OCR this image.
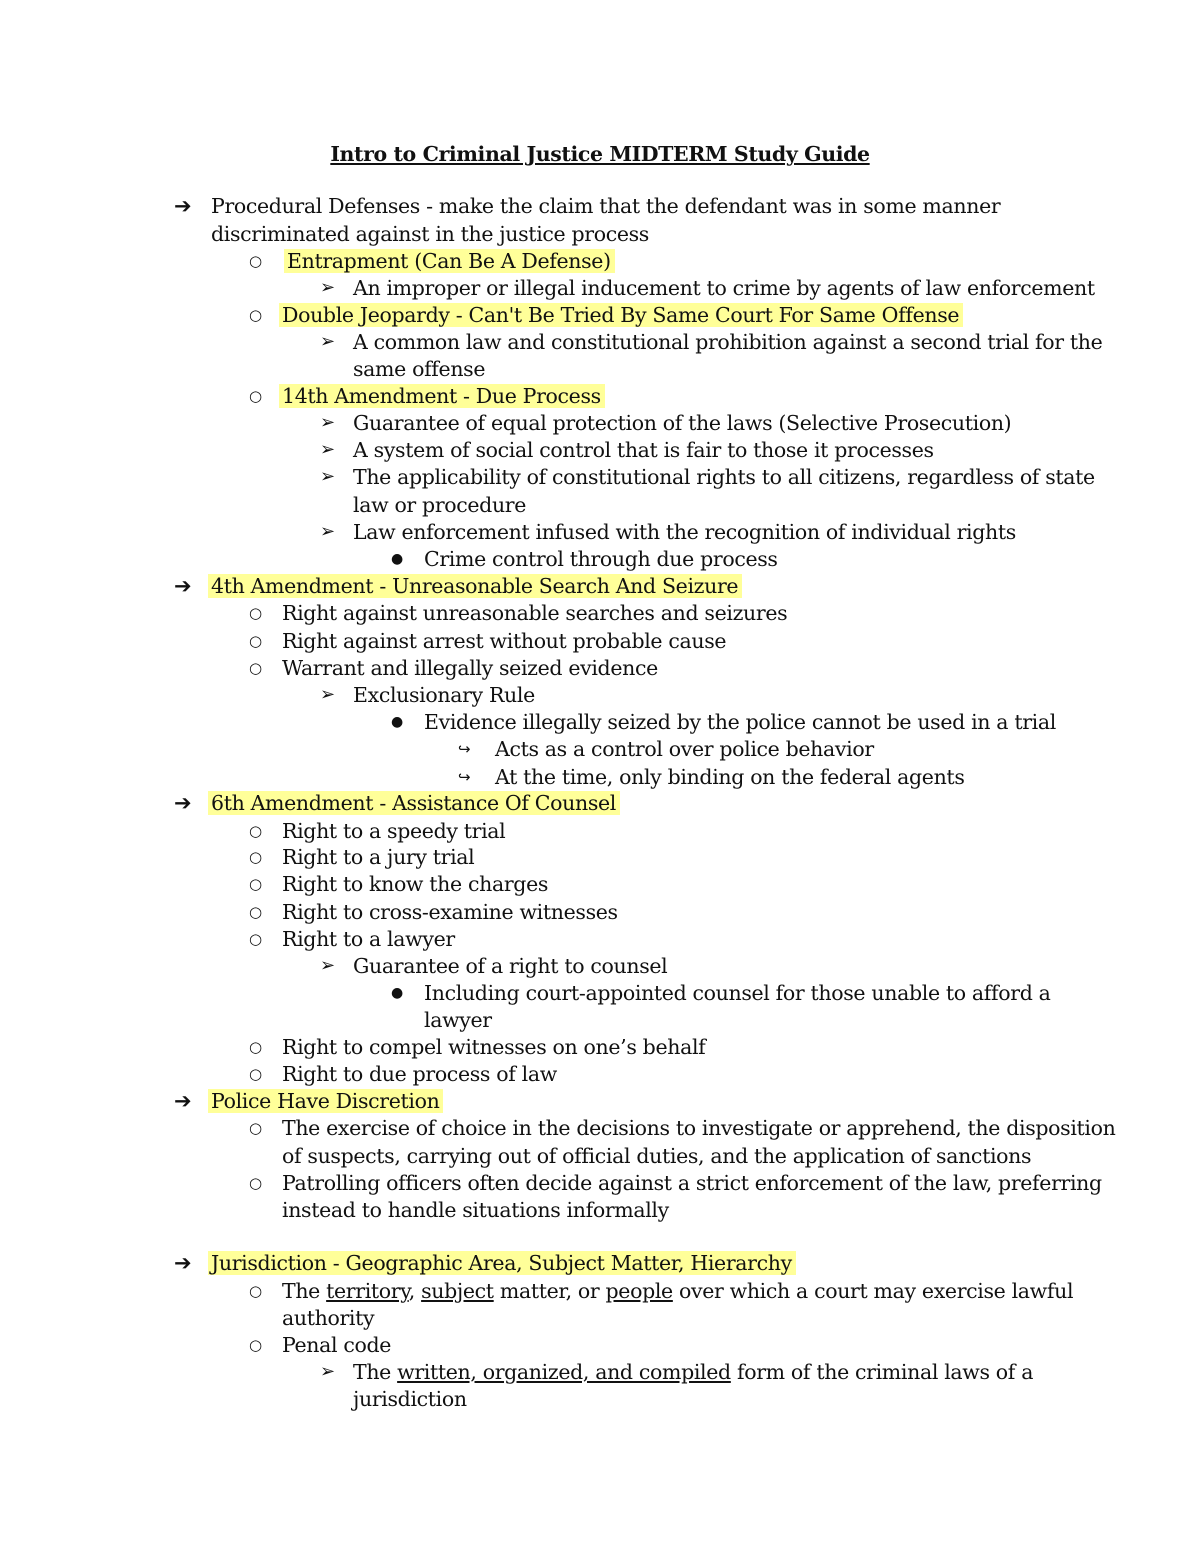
Intro to Criminal Justice MIDTERM Study Guide
➔ Procedural Defenses - make the claim that the defendant was in some manner
discriminated against in the justice process
○ Entrapment (Can Be A Defense)
➢ An improper or illegal inducement to crime by agents of law enforcement
○ Double Jeopardy - Can't Be Tried By Same Court For Same Offense
➢ A common law and constitutional prohibition against a second trial for the
same offense
○ 14th Amendment - Due Process
➢ Guarantee of equal protection of the laws (Selective Prosecution)
➢ A system of social control that is fair to those it processes
➢ The applicability of constitutional rights to all citizens, regardless of state
law or procedure
➢ Law enforcement infused with the recognition of individual rights
● Crime control through due process
➔ 4th Amendment - Unreasonable Search And Seizure
○ Right against unreasonable searches and seizures
○ Right against arrest without probable cause
○ Warrant and illegally seized evidence
➢ Exclusionary Rule
● Evidence illegally seized by the police cannot be used in a trial
↪ Acts as a control over police behavior
↪ At the time, only binding on the federal agents
➔ 6th Amendment - Assistance Of Counsel
○ Right to a speedy trial
○ Right to a jury trial
○ Right to know the charges
○ Right to cross-examine witnesses
○ Right to a lawyer
➢ Guarantee of a right to counsel
● Including court-appointed counsel for those unable to afford a
lawyer
○ Right to compel witnesses on one’s behalf
○ Right to due process of law
➔ Police Have Discretion
○ The exercise of choice in the decisions to investigate or apprehend, the disposition
of suspects, carrying out of official duties, and the application of sanctions
○ Patrolling officers often decide against a strict enforcement of the law, preferring
instead to handle situations informally
➔ Jurisdiction - Geographic Area, Subject Matter, Hierarchy
○ The territory, subject matter, or people over which a court may exercise lawful
authority
○ Penal code
➢ The written, organized, and compiled form of the criminal laws of a
jurisdiction
